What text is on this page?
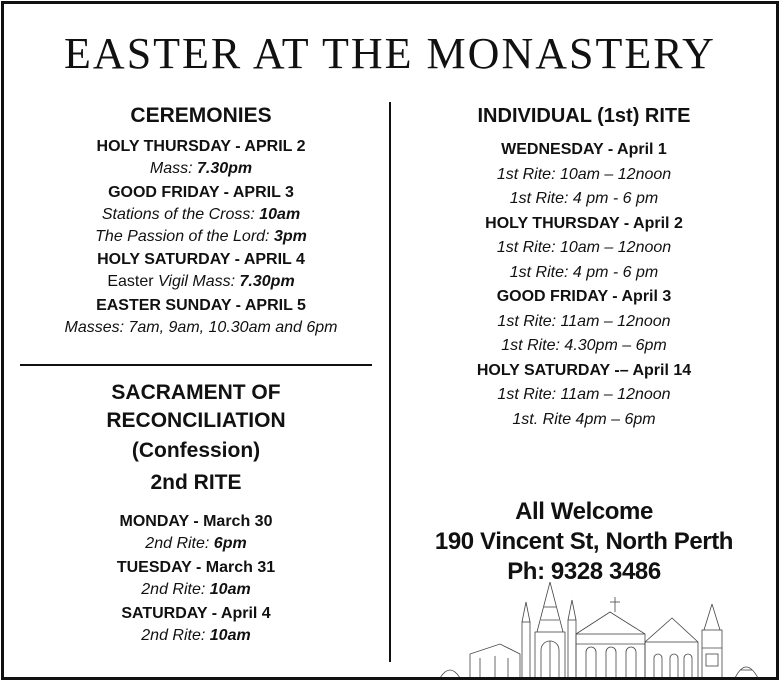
EASTER AT THE MONASTERY
CEREMONIES
HOLY THURSDAY - APRIL 2
Mass: 7.30pm
GOOD FRIDAY - APRIL 3
Stations of the Cross: 10am
The Passion of the Lord: 3pm
HOLY SATURDAY - APRIL 4
Easter Vigil Mass: 7.30pm
EASTER SUNDAY - APRIL 5
Masses: 7am, 9am, 10.30am and 6pm
SACRAMENT OF
RECONCILIATION
(Confession)
2nd RITE
MONDAY - March 30
2nd Rite: 6pm
TUESDAY - March 31
2nd Rite: 10am
SATURDAY - April 4
2nd Rite: 10am
INDIVIDUAL (1st) RITE
WEDNESDAY - April 1
1st Rite: 10am – 12noon
1st Rite: 4 pm - 6 pm
HOLY THURSDAY - April 2
1st Rite: 10am – 12noon
1st Rite: 4 pm - 6 pm
GOOD FRIDAY - April 3
1st Rite: 11am – 12noon
1st Rite: 4.30pm – 6pm
HOLY SATURDAY -– April 14
1st Rite: 11am – 12noon
1st. Rite 4pm – 6pm
All Welcome
190 Vincent St, North Perth
Ph: 9328 3486
